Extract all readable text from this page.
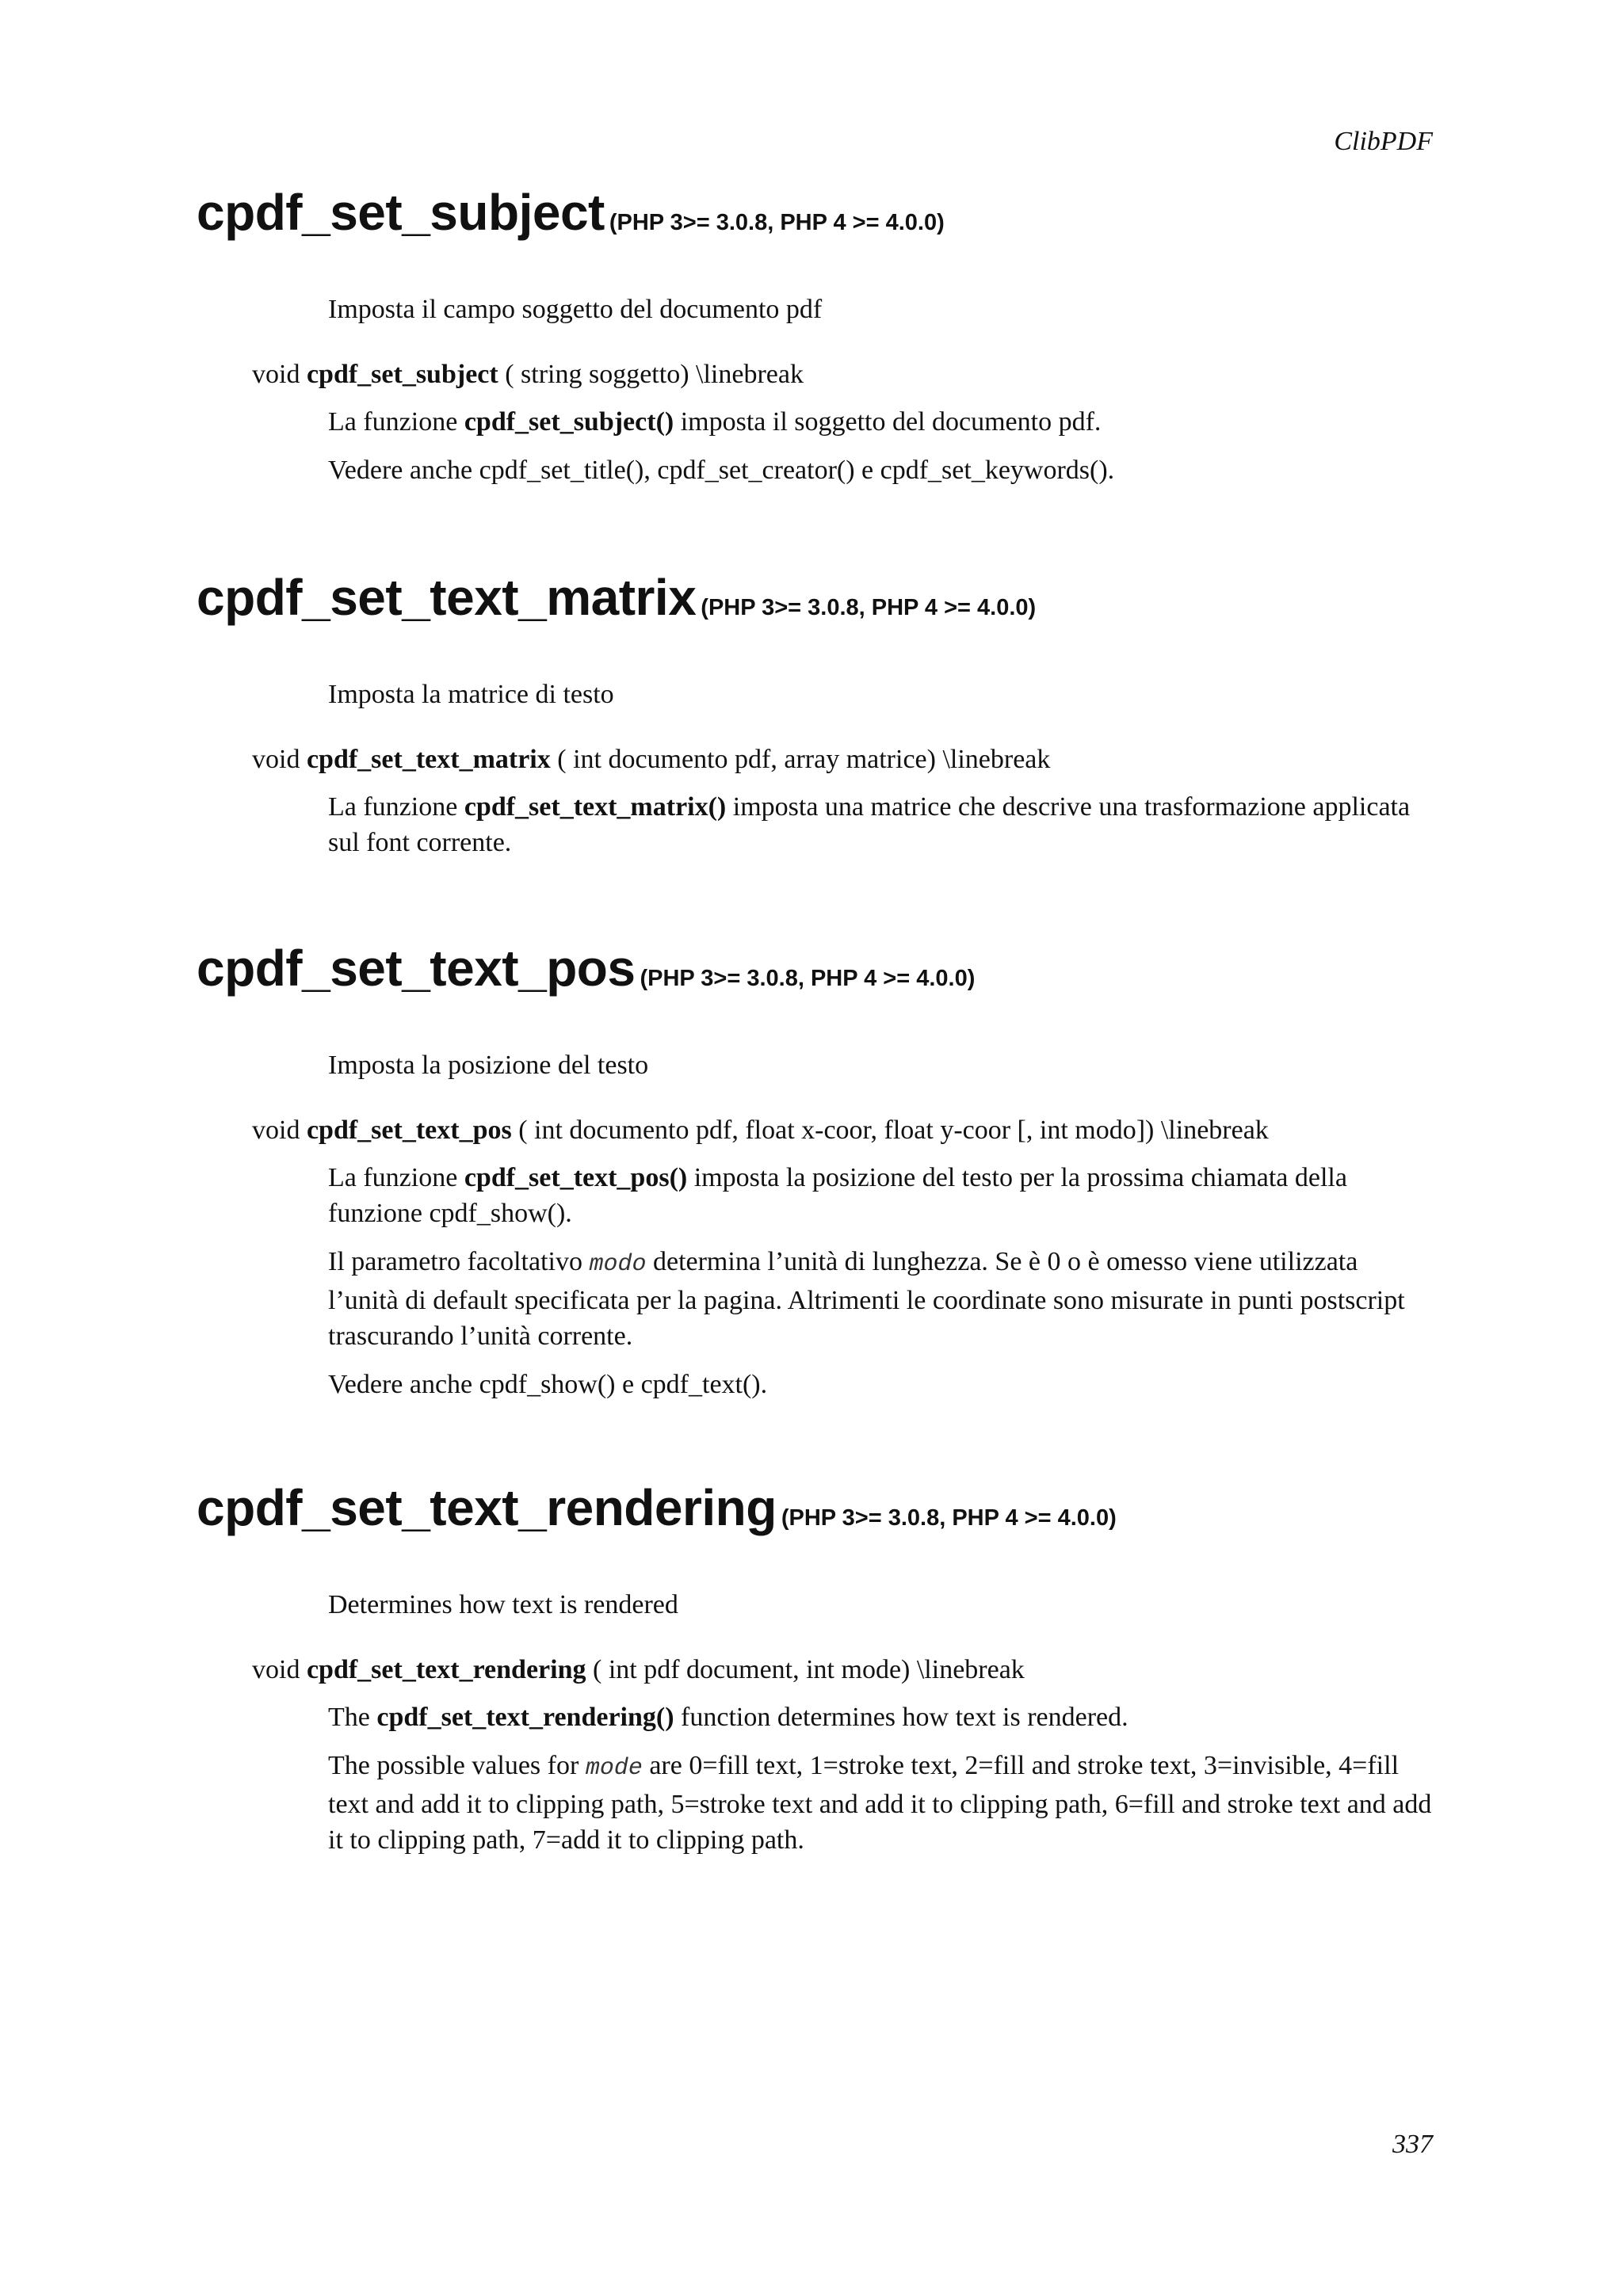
ClibPDF
cpdf_set_subject (PHP 3>= 3.0.8, PHP 4 >= 4.0.0)
Imposta il campo soggetto del documento pdf
void cpdf_set_subject ( string soggetto) \linebreak

La funzione cpdf_set_subject() imposta il soggetto del documento pdf.

Vedere anche cpdf_set_title(), cpdf_set_creator() e cpdf_set_keywords().

cpdf_set_text_matrix (PHP 3>= 3.0.8, PHP 4 >= 4.0.0)
Imposta la matrice di testo
void cpdf_set_text_matrix ( int documento pdf, array matrice) \linebreak

La funzione cpdf_set_text_matrix() imposta una matrice che descrive una trasformazione applicata sul font corrente.

cpdf_set_text_pos (PHP 3>= 3.0.8, PHP 4 >= 4.0.0)
Imposta la posizione del testo
void cpdf_set_text_pos ( int documento pdf, float x-coor, float y-coor [, int modo]) \linebreak

La funzione cpdf_set_text_pos() imposta la posizione del testo per la prossima chiamata della funzione cpdf_show().

Il parametro facoltativo modo determina l’unità di lunghezza. Se è 0 o è omesso viene utilizzata l’unità di default specificata per la pagina. Altrimenti le coordinate sono misurate in punti postscript trascurando l’unità corrente.

Vedere anche cpdf_show() e cpdf_text().

cpdf_set_text_rendering (PHP 3>= 3.0.8, PHP 4 >= 4.0.0)
Determines how text is rendered
void cpdf_set_text_rendering ( int pdf document, int mode) \linebreak

The cpdf_set_text_rendering() function determines how text is rendered.

The possible values for mode are 0=fill text, 1=stroke text, 2=fill and stroke text, 3=invisible, 4=fill text and add it to clipping path, 5=stroke text and add it to clipping path, 6=fill and stroke text and add it to clipping path, 7=add it to clipping path.

337
